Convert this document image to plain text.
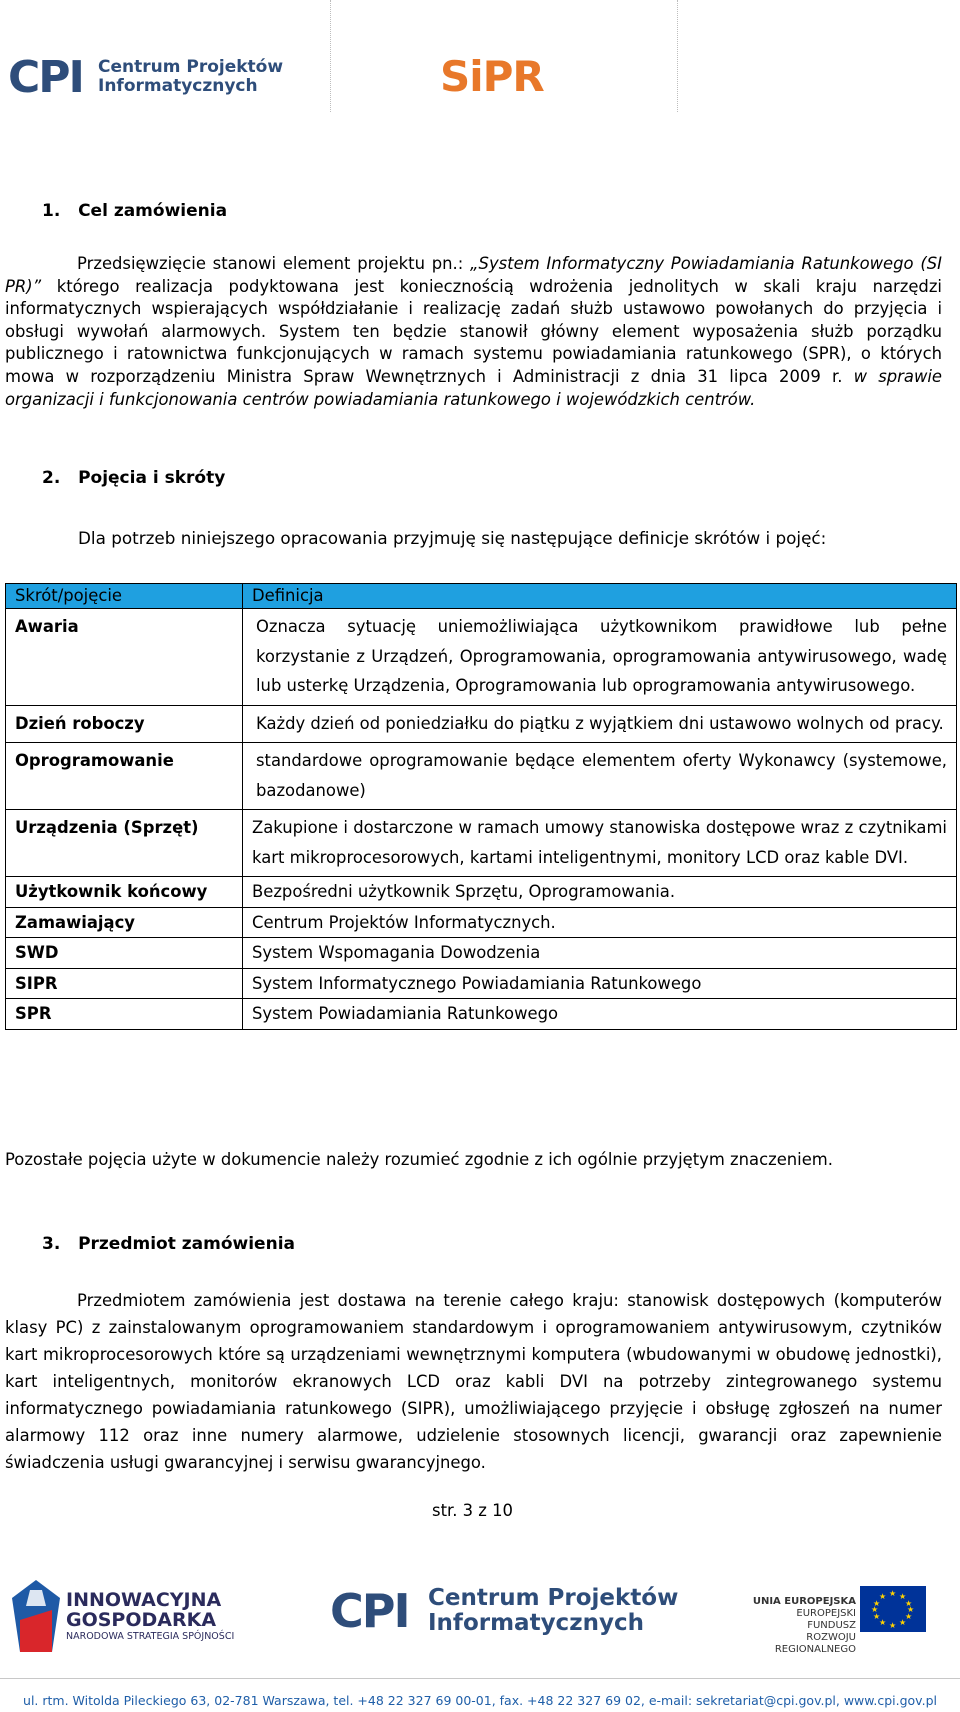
CPI Centrum Projektów
Informatycznych	SiPR
1. Cel zamówienia
Przedsięwzięcie stanowi element projektu pn.: „System Informatyczny Powiadamiania Ratunkowego (SI PR)” którego realizacja podyktowana jest koniecznością wdrożenia jednolitych w skali kraju narzędzi informatycznych wspierających współdziałanie i realizację zadań służb ustawowo powołanych do przyjęcia i obsługi wywołań alarmowych. System ten będzie stanowił główny element wyposażenia służb porządku publicznego i ratownictwa funkcjonujących w ramach systemu powiadamiania ratunkowego (SPR), o których mowa w rozporządzeniu Ministra Spraw Wewnętrznych i Administracji z dnia 31 lipca 2009 r. w sprawie organizacji i funkcjonowania centrów powiadamiania ratunkowego i wojewódzkich centrów.
2. Pojęcia i skróty
Dla potrzeb niniejszego opracowania przyjmuję się następujące definicje skrótów i pojęć:
Skrót/pojęcie	Definicja
Awaria	Oznacza sytuację uniemożliwiająca użytkownikom prawidłowe lub pełne korzystanie z Urządzeń, Oprogramowania, oprogramowania antywirusowego, wadę lub usterkę Urządzenia, Oprogramowania lub oprogramowania antywirusowego.
Dzień roboczy	Każdy dzień od poniedziałku do piątku z wyjątkiem dni ustawowo wolnych od pracy.
Oprogramowanie	standardowe oprogramowanie będące elementem oferty Wykonawcy (systemowe, bazodanowe)
Urządzenia (Sprzęt)	Zakupione i dostarczone w ramach umowy stanowiska dostępowe wraz z czytnikami kart mikroprocesorowych, kartami inteligentnymi, monitory LCD oraz kable DVI.
Użytkownik końcowy	Bezpośredni użytkownik Sprzętu, Oprogramowania.
Zamawiający	Centrum Projektów Informatycznych.
SWD	System Wspomagania Dowodzenia
SIPR	System Informatycznego Powiadamiania Ratunkowego
SPR	System Powiadamiania Ratunkowego
Pozostałe pojęcia użyte w dokumencie należy rozumieć zgodnie z ich ogólnie przyjętym znaczeniem.
3. Przedmiot zamówienia
Przedmiotem zamówienia jest dostawa na terenie całego kraju: stanowisk dostępowych (komputerów klasy PC) z zainstalowanym oprogramowaniem standardowym i oprogramowaniem antywirusowym, czytników kart mikroprocesorowych które są urządzeniami wewnętrznymi komputera (wbudowanymi w obudowę jednostki), kart inteligentnych, monitorów ekranowych LCD oraz kabli DVI na potrzeby zintegrowanego systemu informatycznego powiadamiania ratunkowego (SIPR), umożliwiającego przyjęcie i obsługę zgłoszeń na numer alarmowy 112 oraz inne numery alarmowe, udzielenie stosownych licencji, gwarancji oraz zapewnienie świadczenia usługi gwarancyjnej i serwisu gwarancyjnego.
str. 3 z 10
INNOWACYJNA
GOSPODARKA
NARODOWA STRATEGIA SPÓJNOŚCI CPI Centrum Projektów
Informatycznych
UNIA EUROPEJSKA
EUROPEJSKI FUNDUSZ
ROZWOJU REGIONALNEGO
★ ★
★
★
★
★
★
★
★
★
★
★
ul. rtm. Witolda Pileckiego 63, 02-781 Warszawa, tel. +48 22 327 69 00-01, fax. +48 22 327 69 02, e-mail: sekretariat@cpi.gov.pl, www.cpi.gov.pl
